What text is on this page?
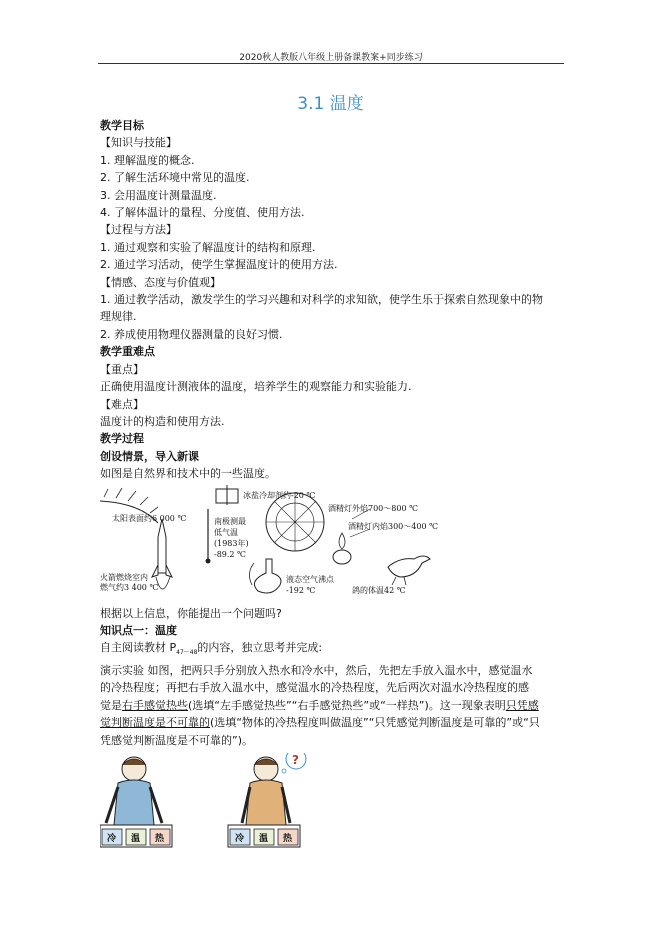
2020秋人教版八年级上册备课教案+同步练习
3.1 温度
教学目标
【知识与技能】
1. 理解温度的概念.
2. 了解生活环境中常见的温度.
3. 会用温度计测量温度.
4. 了解体温计的量程、分度值、使用方法.
【过程与方法】
1. 通过观察和实验了解温度计的结构和原理.
2. 通过学习活动，使学生掌握温度计的使用方法.
【情感、态度与价值观】
1. 通过教学活动，激发学生的学习兴趣和对科学的求知欲，使学生乐于探索自然现象中的物
理规律.
2. 养成使用物理仪器测量的良好习惯.
教学重难点
【重点】
正确使用温度计测液体的温度，培养学生的观察能力和实验能力.
【难点】
温度计的构造和使用方法.
教学过程
创设情景，导入新课
如图是自然界和技术中的一些温度。
太阳表面约6 000 ℃
火箭燃烧室内
燃气约3 400 ℃
冰盐冷却剂约-20 ℃
南极测最
低气温
(1983年)
-89.2 ℃
酒精灯外焰700～800 ℃
酒精灯内焰300～400 ℃
液态空气沸点
-192 ℃	鸽的体温42 ℃
根据以上信息，你能提出一个问题吗?
知识点一：温度
自主阅读教材 $P_{47\sim 48}$的内容，独立思考并完成:
演示实验 如图，把两只手分别放入热水和冷水中，然后，先把左手放入温水中，感觉温水
的冷热程度；再把右手放入温水中，感觉温水的冷热程度，先后两次对温水冷热程度的感
觉是右手感觉热些(选填“左手感觉热些”“右手感觉热些”或“一样热”)。这一现象表明只凭感
觉判断温度是不可靠的(选填“物体的冷热程度叫做温度”“只凭感觉判断温度是可靠的”或“只
凭感觉判断温度是不可靠的”)。
冷 温 热	冷 温 热
?
